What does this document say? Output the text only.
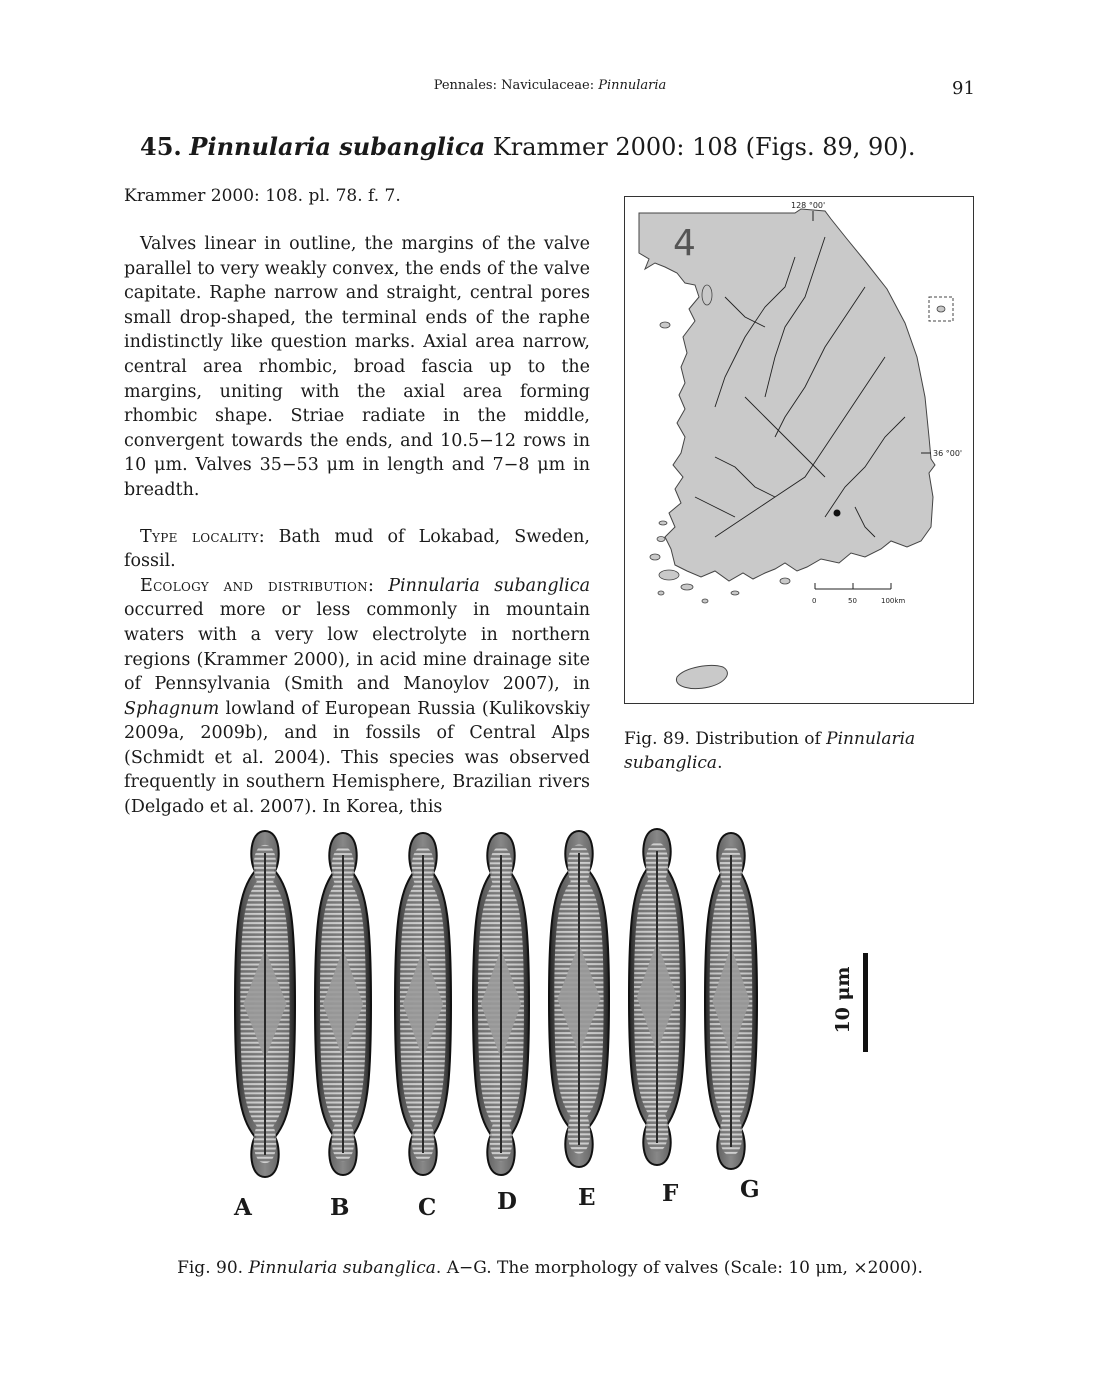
Pennales: Naviculaceae: Pinnularia	91
45. Pinnularia subanglica Krammer 2000: 108 (Figs. 89, 90).
Krammer 2000: 108. pl. 78. f. 7.

Valves linear in outline, the margins of the valve parallel to very weakly convex, the ends of the valve capitate. Raphe narrow and straight, central pores small drop-shaped, the terminal ends of the raphe indistinctly like question marks. Axial area narrow, central area rhombic, broad fascia up to the margins, uniting with the axial area forming rhombic shape. Striae radiate in the middle, convergent towards the ends, and 10.5−12 rows in 10 μm. Valves 35−53 μm in length and 7−8 μm in breadth.

Type locality: Bath mud of Lokabad, Sweden, fossil.

Ecology and distribution: Pinnularia subanglica occurred more or less commonly in mountain waters with a very low electrolyte in northern regions (Krammer 2000), in acid mine drainage site of Pennsylvania (Smith and Manoylov 2007), in Sphagnum lowland of European Russia (Kulikovskiy 2009a, 2009b), and in fossils of Central Alps (Schmidt et al. 2004). This species was observed frequently in southern Hemisphere, Brazilian rivers (Delgado et al. 2007). In Korea, this

128 °00'
36 °00'
4
0	50	100km
Fig. 89. Distribution of Pinnularia subanglica.
A	B	C	D	E	F	G
10 μm
Fig. 90. Pinnularia subanglica. A−G. The morphology of valves (Scale: 10 μm, ×2000).
